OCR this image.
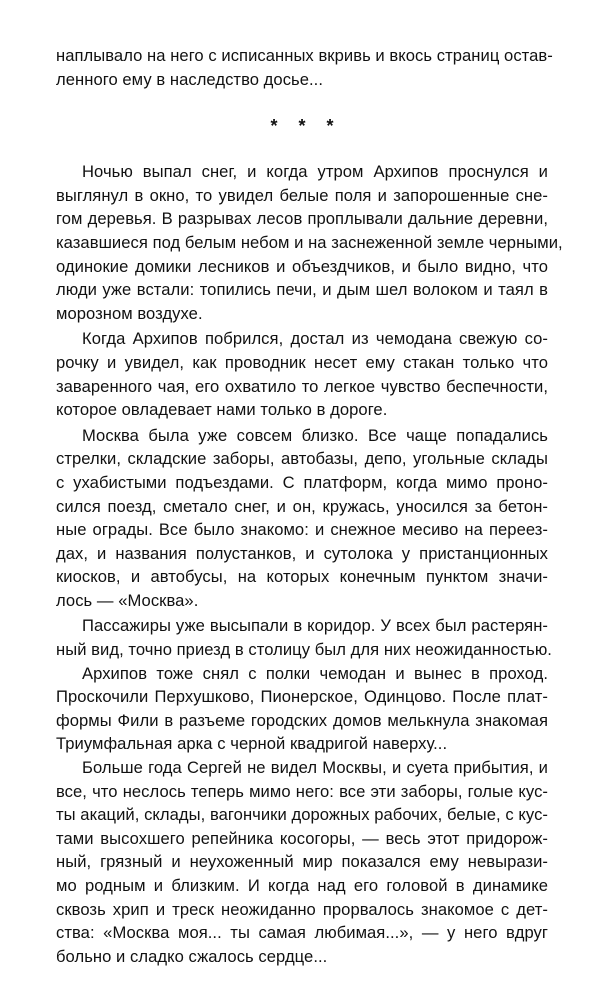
наплывало на него с исписанных вкривь и вкось страниц остав-
ленного ему в наследство досье...
* * *
Ночью выпал снег, и когда утром Архипов проснулся и
выглянул в окно, то увидел белые поля и запорошенные сне-
гом деревья. В разрывах лесов проплывали дальние деревни,
казавшиеся под белым небом и на заснеженной земле черными,
одинокие домики лесников и объездчиков, и было видно, что
люди уже встали: топились печи, и дым шел волоком и таял в
морозном воздухе.
Когда Архипов побрился, достал из чемодана свежую со-
рочку и увидел, как проводник несет ему стакан только что
заваренного чая, его охватило то легкое чувство беспечности,
которое овладевает нами только в дороге.
Москва была уже совсем близко. Все чаще попадались
стрелки, складские заборы, автобазы, депо, угольные склады
с ухабистыми подъездами. С платформ, когда мимо проно-
сился поезд, сметало снег, и он, кружась, уносился за бетон-
ные ограды. Все было знакомо: и снежное месиво на переез-
дах, и названия полустанков, и сутолока у пристанционных
киосков, и автобусы, на которых конечным пунктом значи-
лось — «Москва».
Пассажиры уже высыпали в коридор. У всех был растерян-
ный вид, точно приезд в столицу был для них неожиданностью.
Архипов тоже снял с полки чемодан и вынес в проход.
Проскочили Перхушково, Пионерское, Одинцово. После плат-
формы Фили в разъеме городских домов мелькнула знакомая
Триумфальная арка с черной квадригой наверху...
Больше года Сергей не видел Москвы, и суета прибытия, и
все, что неслось теперь мимо него: все эти заборы, голые кус-
ты акаций, склады, вагончики дорожных рабочих, белые, с кус-
тами высохшего репейника косогоры, — весь этот придорож-
ный, грязный и неухоженный мир показался ему невырази-
мо родным и близким. И когда над его головой в динамике
сквозь хрип и треск неожиданно прорвалось знакомое с дет-
ства: «Москва моя... ты самая любимая...», — у него вдруг
больно и сладко сжалось сердце...
